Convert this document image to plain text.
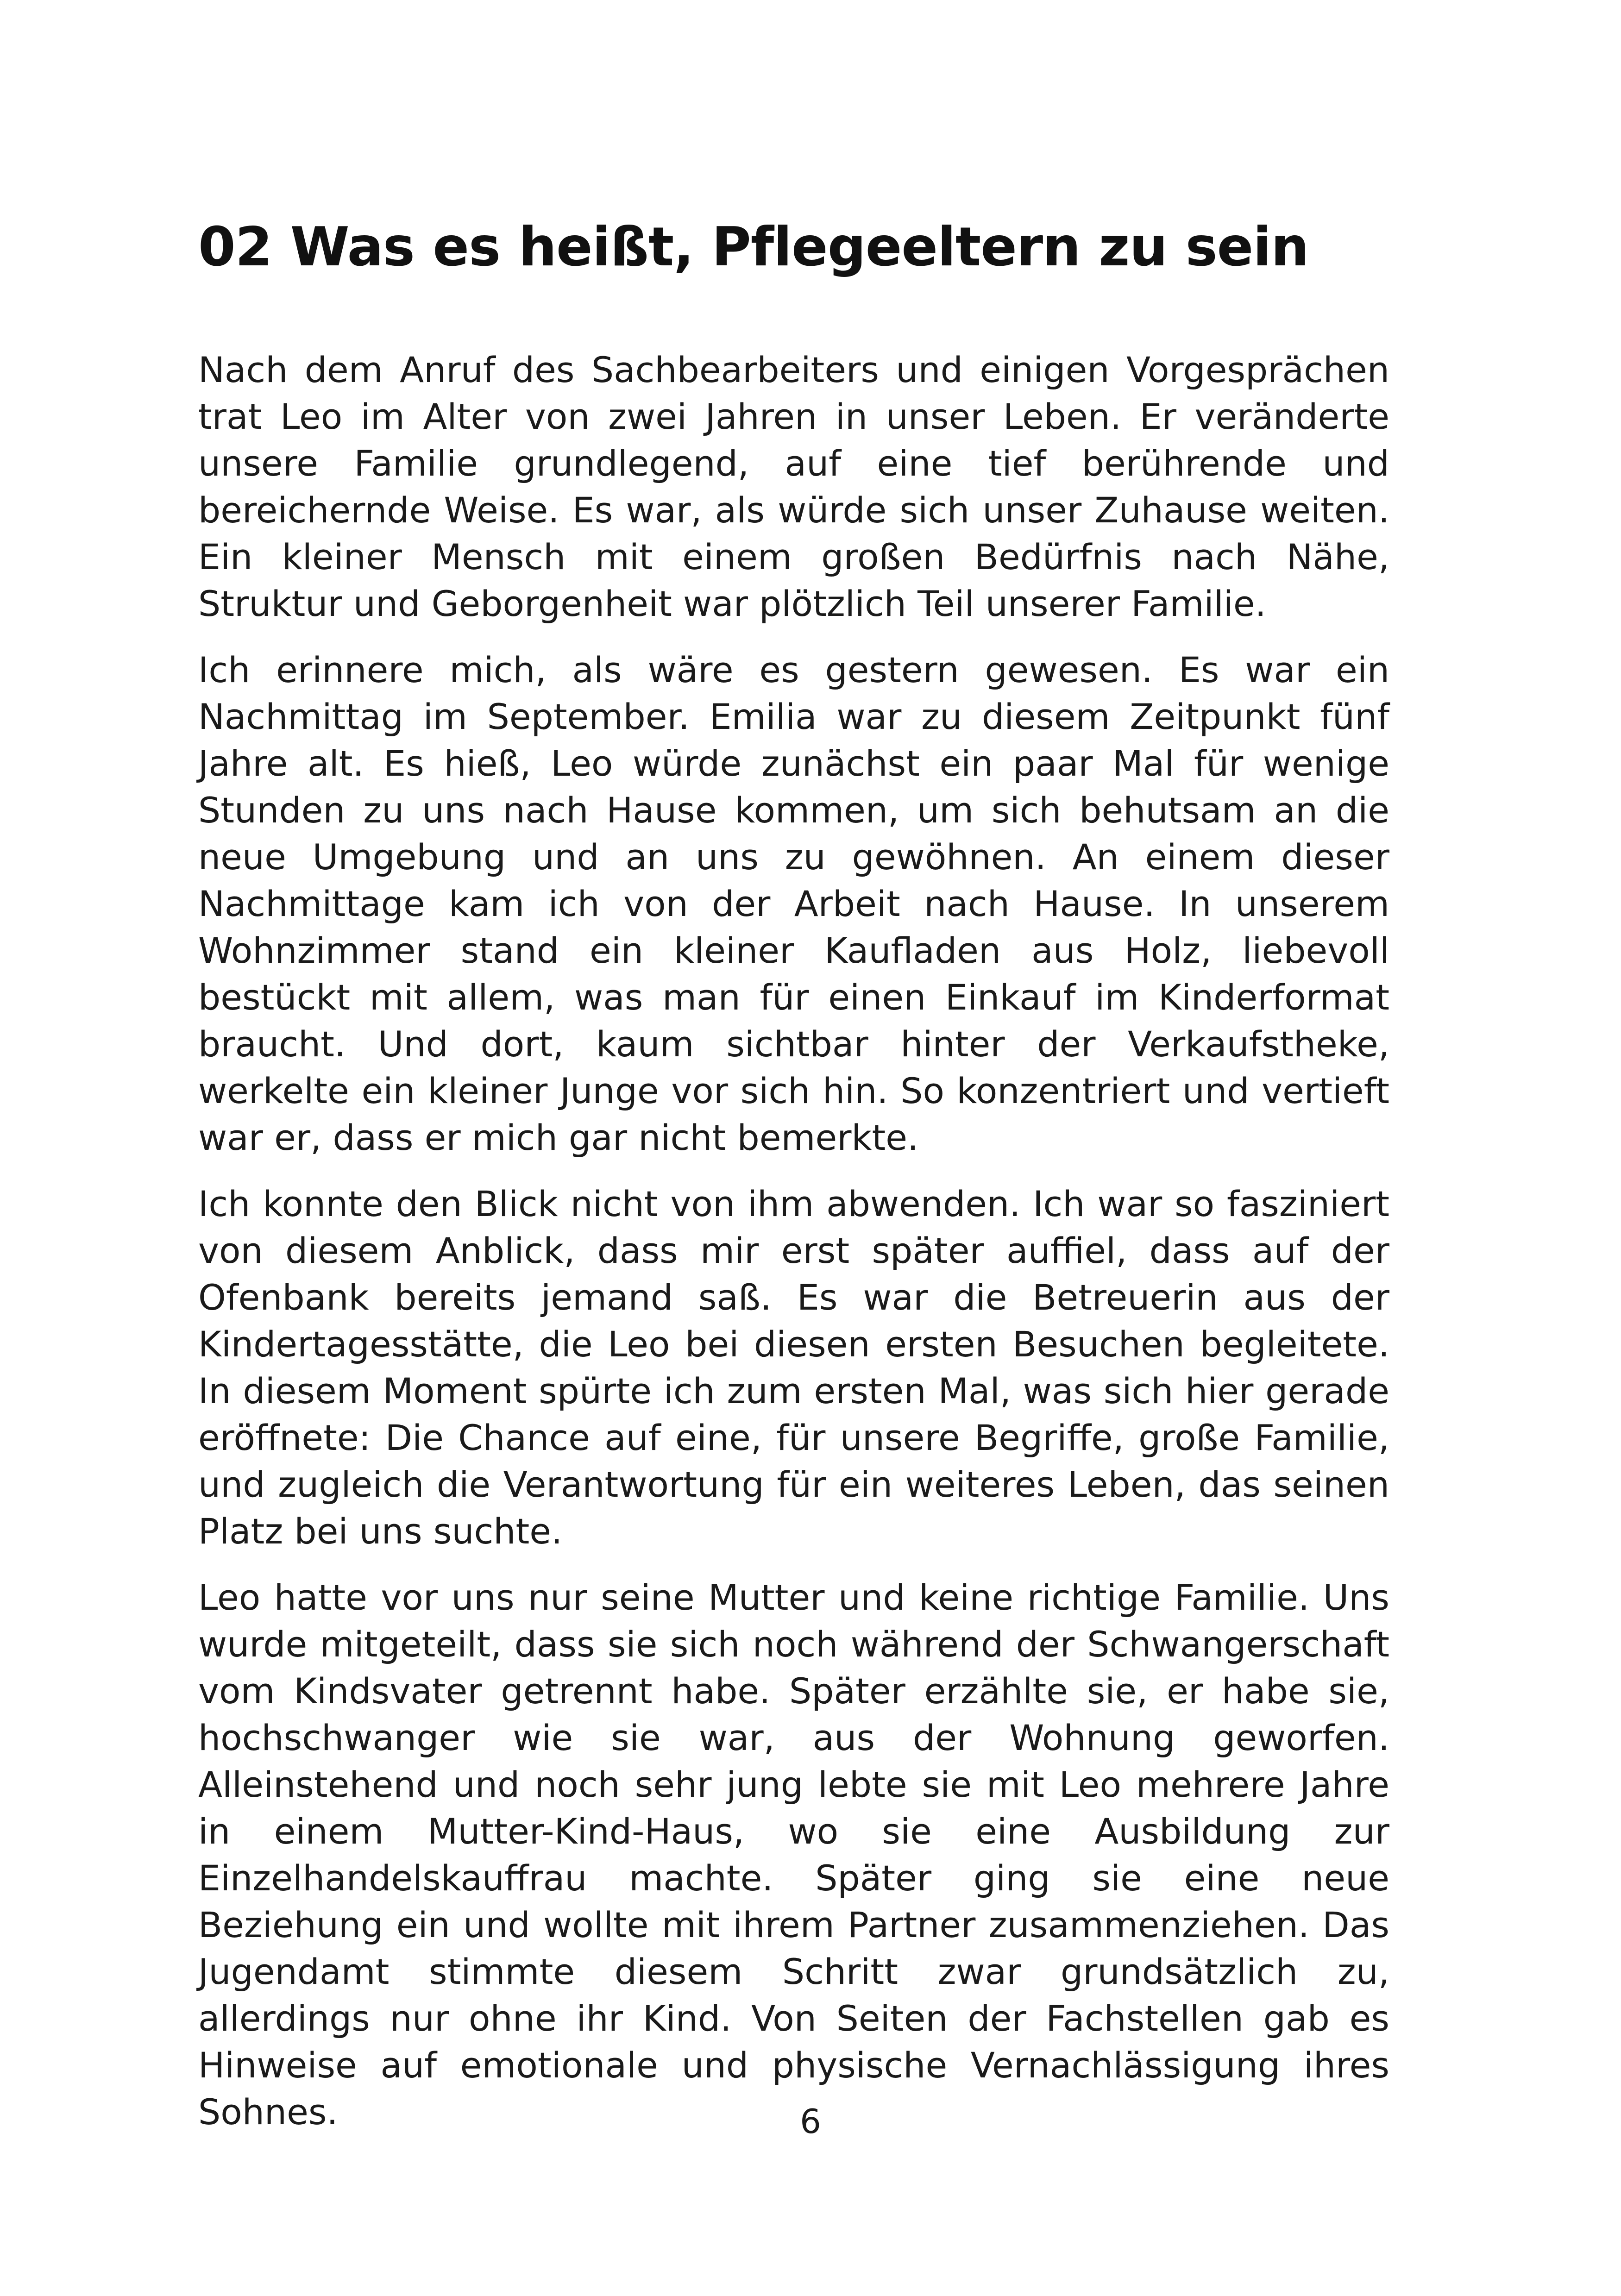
02 Was es heißt, Pflegeeltern zu sein

Nach dem Anruf des Sachbearbeiters und einigen Vorgesprächen trat Leo im Alter von zwei Jahren in unser Leben. Er veränderte unsere Familie grundlegend, auf eine tief berührende und bereichernde Weise. Es war, als würde sich unser Zuhause weiten. Ein kleiner Mensch mit einem großen Bedürfnis nach Nähe, Struktur und Geborgenheit war plötzlich Teil unserer Familie.

Ich erinnere mich, als wäre es gestern gewesen. Es war ein Nachmittag im September. Emilia war zu diesem Zeitpunkt fünf Jahre alt. Es hieß, Leo würde zunächst ein paar Mal für wenige Stunden zu uns nach Hause kommen, um sich behutsam an die neue Umgebung und an uns zu gewöhnen. An einem dieser Nachmittage kam ich von der Arbeit nach Hause. In unserem Wohnzimmer stand ein kleiner Kaufladen aus Holz, liebevoll bestückt mit allem, was man für einen Einkauf im Kinderformat braucht. Und dort, kaum sichtbar hinter der Verkaufstheke, werkelte ein kleiner Junge vor sich hin. So konzentriert und vertieft war er, dass er mich gar nicht bemerkte.

Ich konnte den Blick nicht von ihm abwenden. Ich war so fasziniert von diesem Anblick, dass mir erst später auffiel, dass auf der Ofenbank bereits jemand saß. Es war die Betreuerin aus der Kindertagesstätte, die Leo bei diesen ersten Besuchen begleitete. In diesem Moment spürte ich zum ersten Mal, was sich hier gerade eröffnete: Die Chance auf eine, für unsere Begriffe, große Familie, und zugleich die Verantwortung für ein weiteres Leben, das seinen Platz bei uns suchte.

Leo hatte vor uns nur seine Mutter und keine richtige Familie. Uns wurde mitgeteilt, dass sie sich noch während der Schwangerschaft vom Kindsvater getrennt habe. Später erzählte sie, er habe sie, hochschwanger wie sie war, aus der Wohnung geworfen. Alleinstehend und noch sehr jung lebte sie mit Leo mehrere Jahre in einem Mutter-Kind-Haus, wo sie eine Ausbildung zur Einzelhandelskauffrau machte. Später ging sie eine neue Beziehung ein und wollte mit ihrem Partner zusammenziehen. Das Jugendamt stimmte diesem Schritt zwar grundsätzlich zu, allerdings nur ohne ihr Kind. Von Seiten der Fachstellen gab es Hinweise auf emotionale und physische Vernachlässigung ihres Sohnes.	6
